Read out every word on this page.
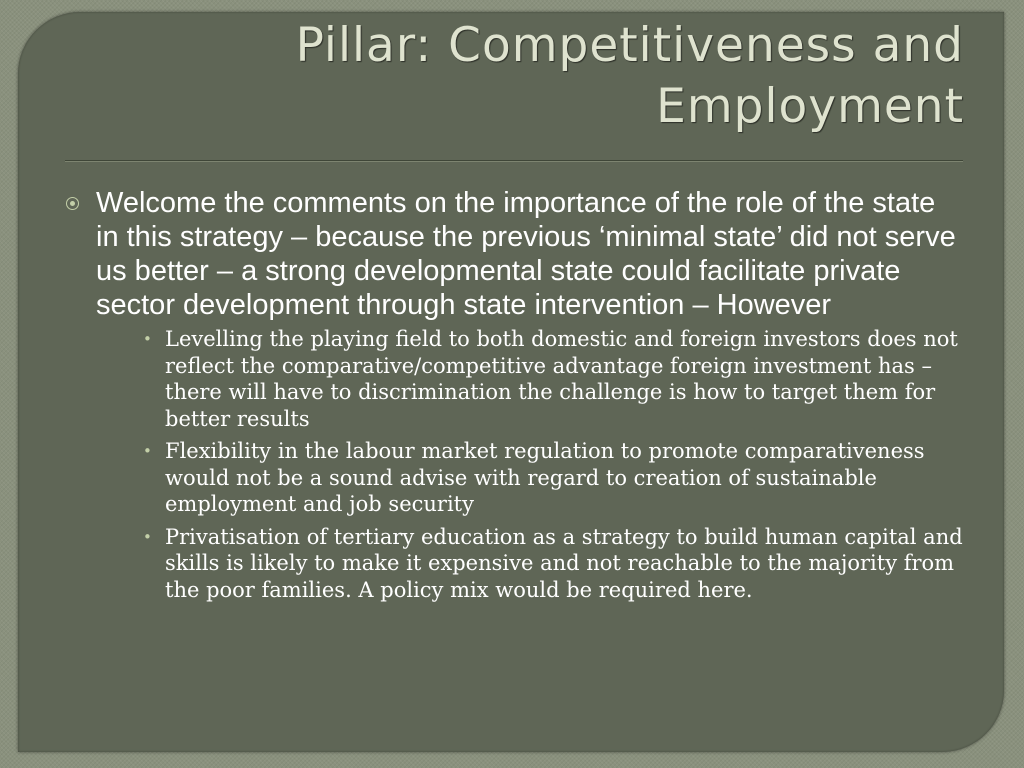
Pillar: Competitiveness and Employment
Welcome the comments on the importance of the role of the state in this strategy – because the previous ‘minimal state’ did not serve us better – a strong developmental state could facilitate private sector development through state intervention – However
• Levelling the playing field to both domestic and foreign investors does not reflect the comparative/competitive advantage foreign investment has – there will have to discrimination the challenge is how to target them for better results
• Flexibility in the labour market regulation to promote comparativeness would not be a sound advise with regard to creation of sustainable employment and job security
• Privatisation of tertiary education as a strategy to build human capital and skills is likely to make it expensive and not reachable to the majority from the poor families. A policy mix would be required here.
